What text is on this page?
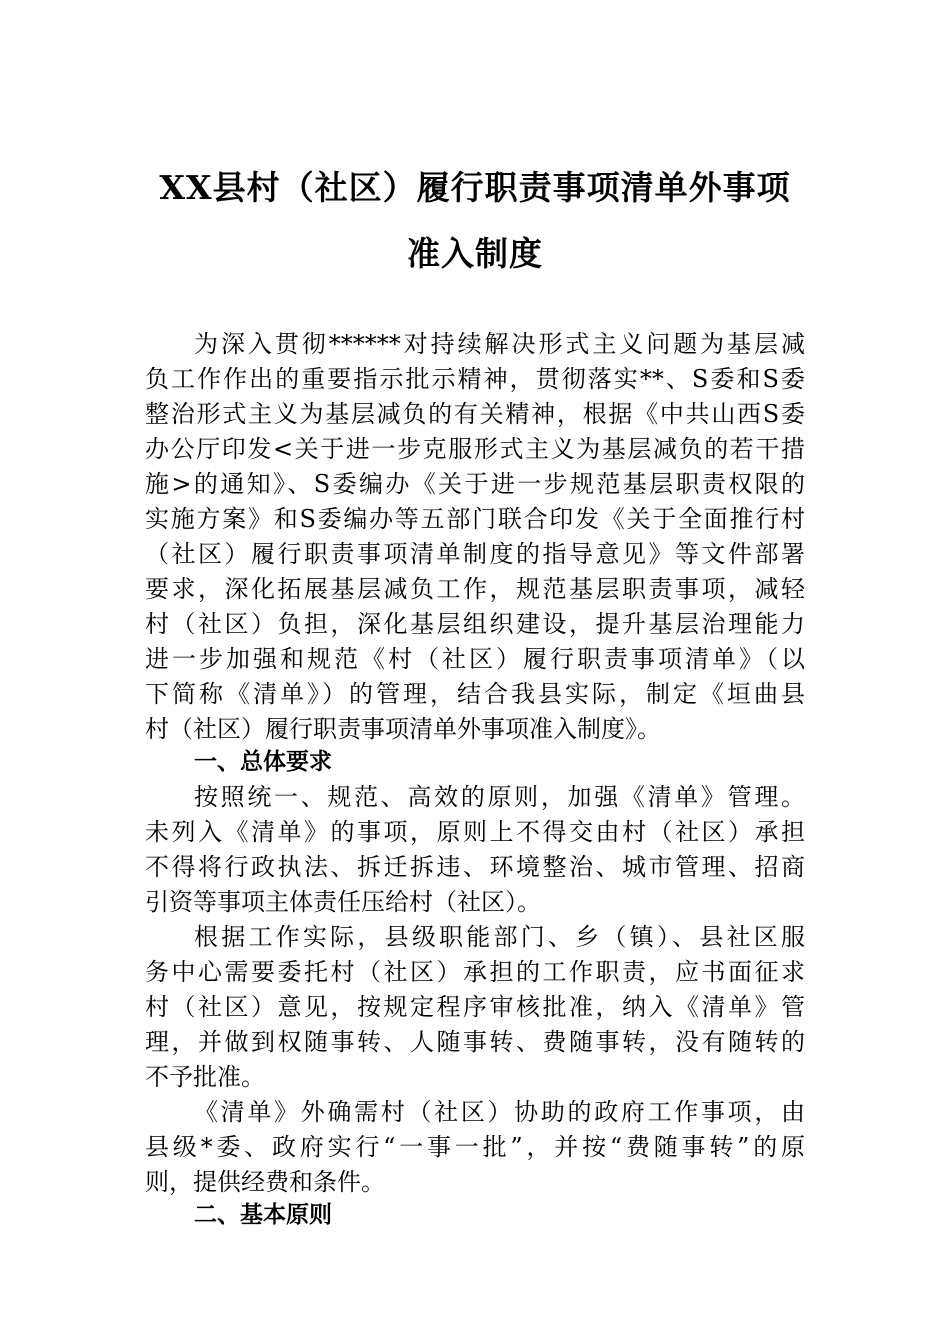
XX县村（社区）履行职责事项清单外事项
准入制度
为深入贯彻******对持续解决形式主义问题为基层减
负工作作出的重要指示批示精神，贯彻落实**、S委和S委
整治形式主义为基层减负的有关精神，根据《中共山西S委
办公厅印发<关于进一步克服形式主义为基层减负的若干措
施>的通知》、S委编办《关于进一步规范基层职责权限的
实施方案》和S委编办等五部门联合印发《关于全面推行村
（社区）履行职责事项清单制度的指导意见》等文件部署
要求，深化拓展基层减负工作，规范基层职责事项，减轻
村（社区）负担，深化基层组织建设，提升基层治理能力
进一步加强和规范《村（社区）履行职责事项清单》（以
下简称《清单》）的管理，结合我县实际，制定《垣曲县
村（社区）履行职责事项清单外事项准入制度》。
一、总体要求
按照统一、规范、高效的原则，加强《清单》管理。
未列入《清单》的事项，原则上不得交由村（社区）承担
不得将行政执法、拆迁拆违、环境整治、城市管理、招商
引资等事项主体责任压给村（社区）。
根据工作实际，县级职能部门、乡（镇）、县社区服
务中心需要委托村（社区）承担的工作职责，应书面征求
村（社区）意见，按规定程序审核批准，纳入《清单》管
理，并做到权随事转、人随事转、费随事转，没有随转的
不予批准。
《清单》外确需村（社区）协助的政府工作事项，由
县级*委、政府实行“一事一批”，并按“费随事转”的原
则，提供经费和条件。
二、基本原则
